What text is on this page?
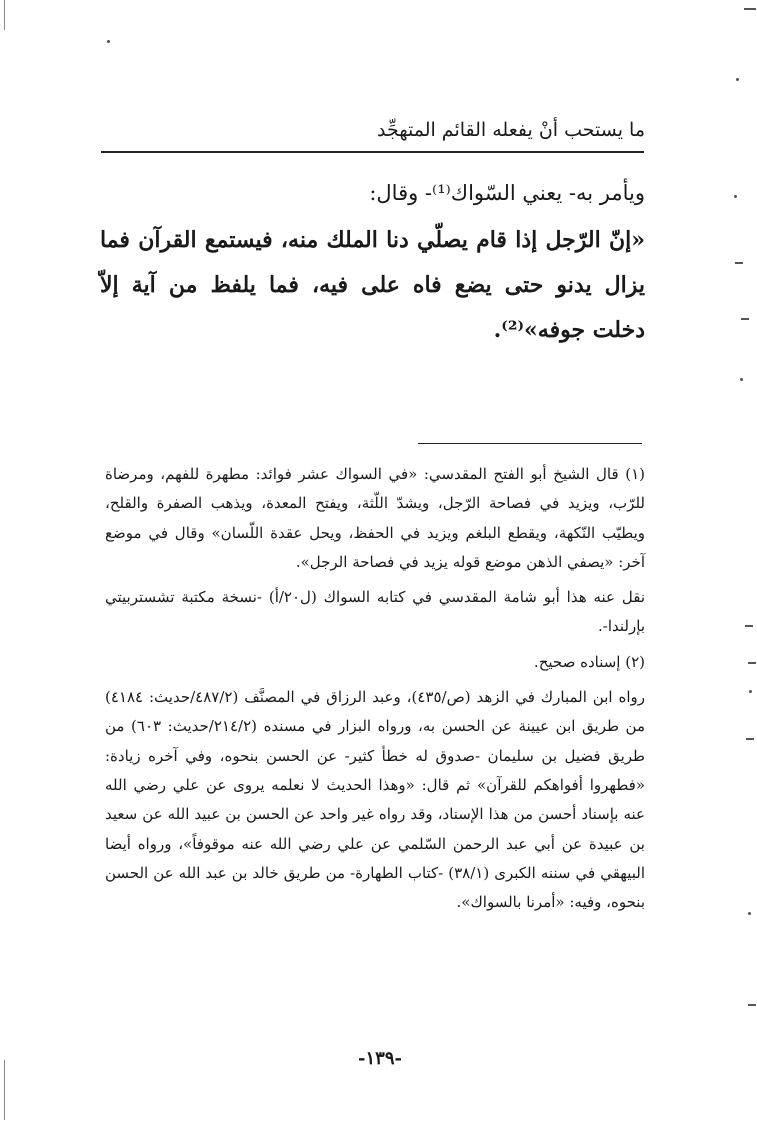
ما يستحب أنْ يفعله القائم المتهجِّد
ويأمر به- يعني السّواك⁽¹⁾- وقال:
«إنّ الرّجل إذا قام يصلّي دنا الملك منه، فيستمع القرآن فما يزال يدنو حتى يضع فاه على فيه، فما يلفظ من آية إلاّ دخلت جوفه»⁽²⁾.

(١) قال الشيخ أبو الفتح المقدسي: «في السواك عشر فوائد: مطهرة للفهم، ومرضاة للرّب، ويزيد في فصاحة الرّجل، ويشدّ اللّثة، ويفتح المعدة، ويذهب الصفرة والقلح، ويطيّب النّكهة، ويقطع البلغم ويزيد في الحفظ، ويحل عقدة اللّسان» وقال في موضع آخر: «يصفي الذهن موضع قوله يزيد في فصاحة الرجل».

نقل عنه هذا أبو شامة المقدسي في كتابه السواك (ل٢٠/أ) -نسخة مكتبة تشستربيتي بإرلندا-.

(٢) إسناده صحيح.

رواه ابن المبارك في الزهد (ص/٤٣٥)، وعبد الرزاق في المصنَّف (٤٨٧/٢/حديث: ٤١٨٤) من طريق ابن عيينة عن الحسن به، ورواه البزار في مسنده (٢١٤/٢/حديث: ٦٠٣) من طريق فضيل بن سليمان -صدوق له خطأ كثير- عن الحسن بنحوه، وفي آخره زيادة: «فطهروا أفواهكم للقرآن» ثم قال: «وهذا الحديث لا نعلمه يروى عن علي رضي الله عنه بإسناد أحسن من هذا الإسناد، وقد رواه غير واحد عن الحسن بن عبيد الله عن سعيد بن عبيدة عن أبي عبد الرحمن السّلمي عن علي رضي الله عنه موقوفاً»، ورواه أيضا البيهقي في سننه الكبرى (٣٨/١) -كتاب الطهارة- من طريق خالد بن عبد الله عن الحسن بنحوه، وفيه: «أمرنا بالسواك».

-١٣٩-
